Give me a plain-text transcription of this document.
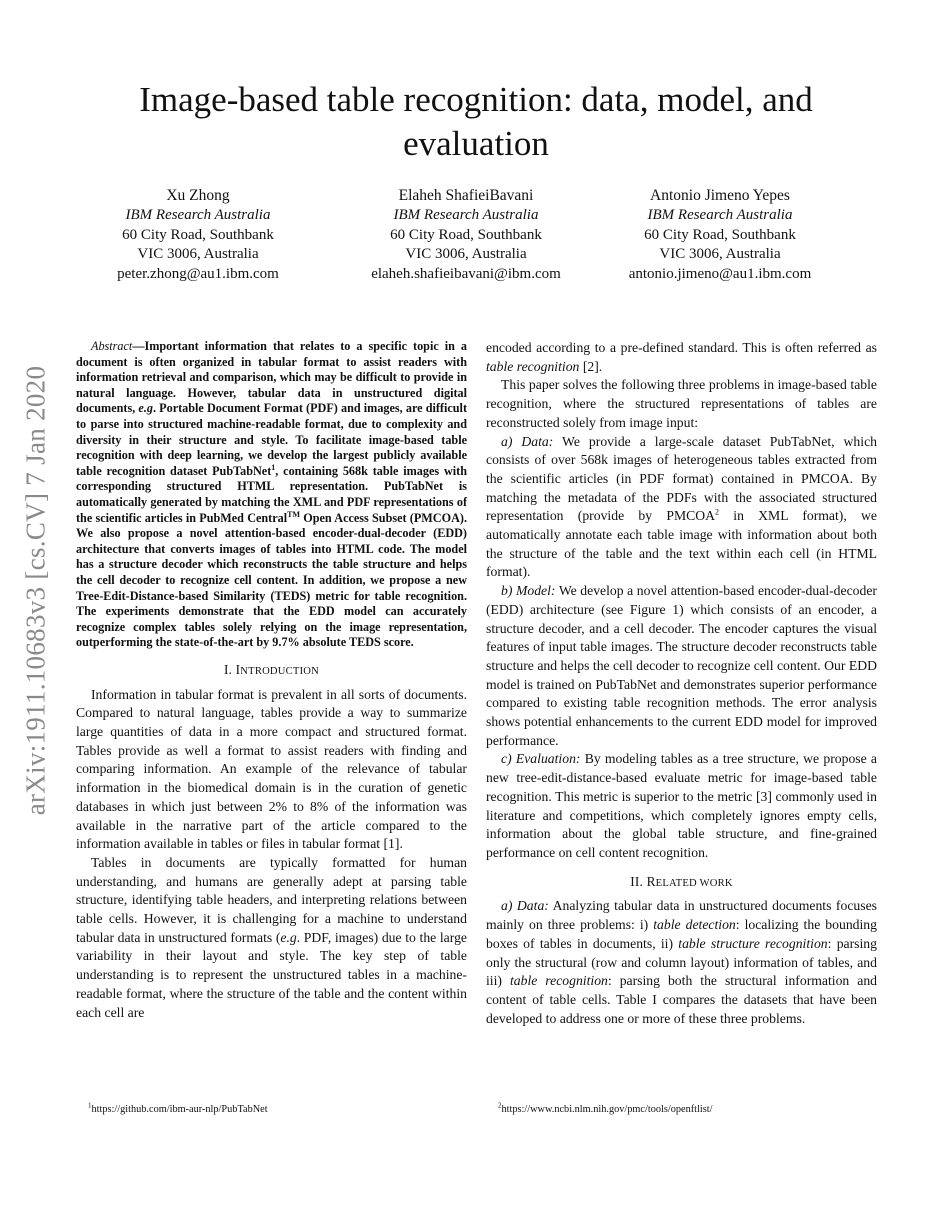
arXiv:1911.10683v3 [cs.CV] 7 Jan 2020
Image-based table recognition: data, model, and evaluation
Xu Zhong
IBM Research Australia
60 City Road, Southbank
VIC 3006, Australia
peter.zhong@au1.ibm.com
Elaheh ShafieiBavani
IBM Research Australia
60 City Road, Southbank
VIC 3006, Australia
elaheh.shafieibavani@ibm.com
Antonio Jimeno Yepes
IBM Research Australia
60 City Road, Southbank
VIC 3006, Australia
antonio.jimeno@au1.ibm.com

Abstract—Important information that relates to a specific topic in a document is often organized in tabular format to assist readers with information retrieval and comparison, which may be difficult to provide in natural language. However, tabular data in unstructured digital documents, e.g. Portable Document Format (PDF) and images, are difficult to parse into structured machine-readable format, due to complexity and diversity in their structure and style. To facilitate image-based table recognition with deep learning, we develop the largest publicly available table recognition dataset PubTabNet$^1$, containing 568k table images with corresponding structured HTML representation. PubTabNet is automatically generated by matching the XML and PDF representations of the scientific articles in PubMed Central™ Open Access Subset (PMCOA). We also propose a novel attention-based encoder-dual-decoder (EDD) architecture that converts images of tables into HTML code. The model has a structure decoder which reconstructs the table structure and helps the cell decoder to recognize cell content. In addition, we propose a new Tree-Edit-Distance-based Similarity (TEDS) metric for table recognition. The experiments demonstrate that the EDD model can accurately recognize complex tables solely relying on the image representation, outperforming the state-of-the-art by 9.7% absolute TEDS score.

I. INTRODUCTION

Information in tabular format is prevalent in all sorts of documents. Compared to natural language, tables provide a way to summarize large quantities of data in a more compact and structured format. Tables provide as well a format to assist readers with finding and comparing information. An example of the relevance of tabular information in the biomedical domain is in the curation of genetic databases in which just between 2% to 8% of the information was available in the narrative part of the article compared to the information available in tables or files in tabular format [1].

Tables in documents are typically formatted for human understanding, and humans are generally adept at parsing table structure, identifying table headers, and interpreting relations between table cells. However, it is challenging for a machine to understand tabular data in unstructured formats (e.g. PDF, images) due to the large variability in their layout and style. The key step of table understanding is to represent the unstructured tables in a machine-readable format, where the structure of the table and the content within each cell are

encoded according to a pre-defined standard. This is often referred as table recognition [2].

This paper solves the following three problems in image-based table recognition, where the structured representations of tables are reconstructed solely from image input:

a) Data: We provide a large-scale dataset PubTabNet, which consists of over 568k images of heterogeneous tables extracted from the scientific articles (in PDF format) contained in PMCOA. By matching the metadata of the PDFs with the associated structured representation (provide by PMCOA$^2$ in XML format), we automatically annotate each table image with information about both the structure of the table and the text within each cell (in HTML format).

b) Model: We develop a novel attention-based encoder-dual-decoder (EDD) architecture (see Figure 1) which consists of an encoder, a structure decoder, and a cell decoder. The encoder captures the visual features of input table images. The structure decoder reconstructs table structure and helps the cell decoder to recognize cell content. Our EDD model is trained on PubTabNet and demonstrates superior performance compared to existing table recognition methods. The error analysis shows potential enhancements to the current EDD model for improved performance.

c) Evaluation: By modeling tables as a tree structure, we propose a new tree-edit-distance-based evaluate metric for image-based table recognition. This metric is superior to the metric [3] commonly used in literature and competitions, which completely ignores empty cells, information about the global table structure, and fine-grained performance on cell content recognition.

II. RELATED WORK

a) Data: Analyzing tabular data in unstructured documents focuses mainly on three problems: i) table detection: localizing the bounding boxes of tables in documents, ii) table structure recognition: parsing only the structural (row and column layout) information of tables, and iii) table recognition: parsing both the structural information and content of table cells. Table I compares the datasets that have been developed to address one or more of these three problems.

$^1$https://github.com/ibm-aur-nlp/PubTabNet	$^2$https://www.ncbi.nlm.nih.gov/pmc/tools/openftlist/
